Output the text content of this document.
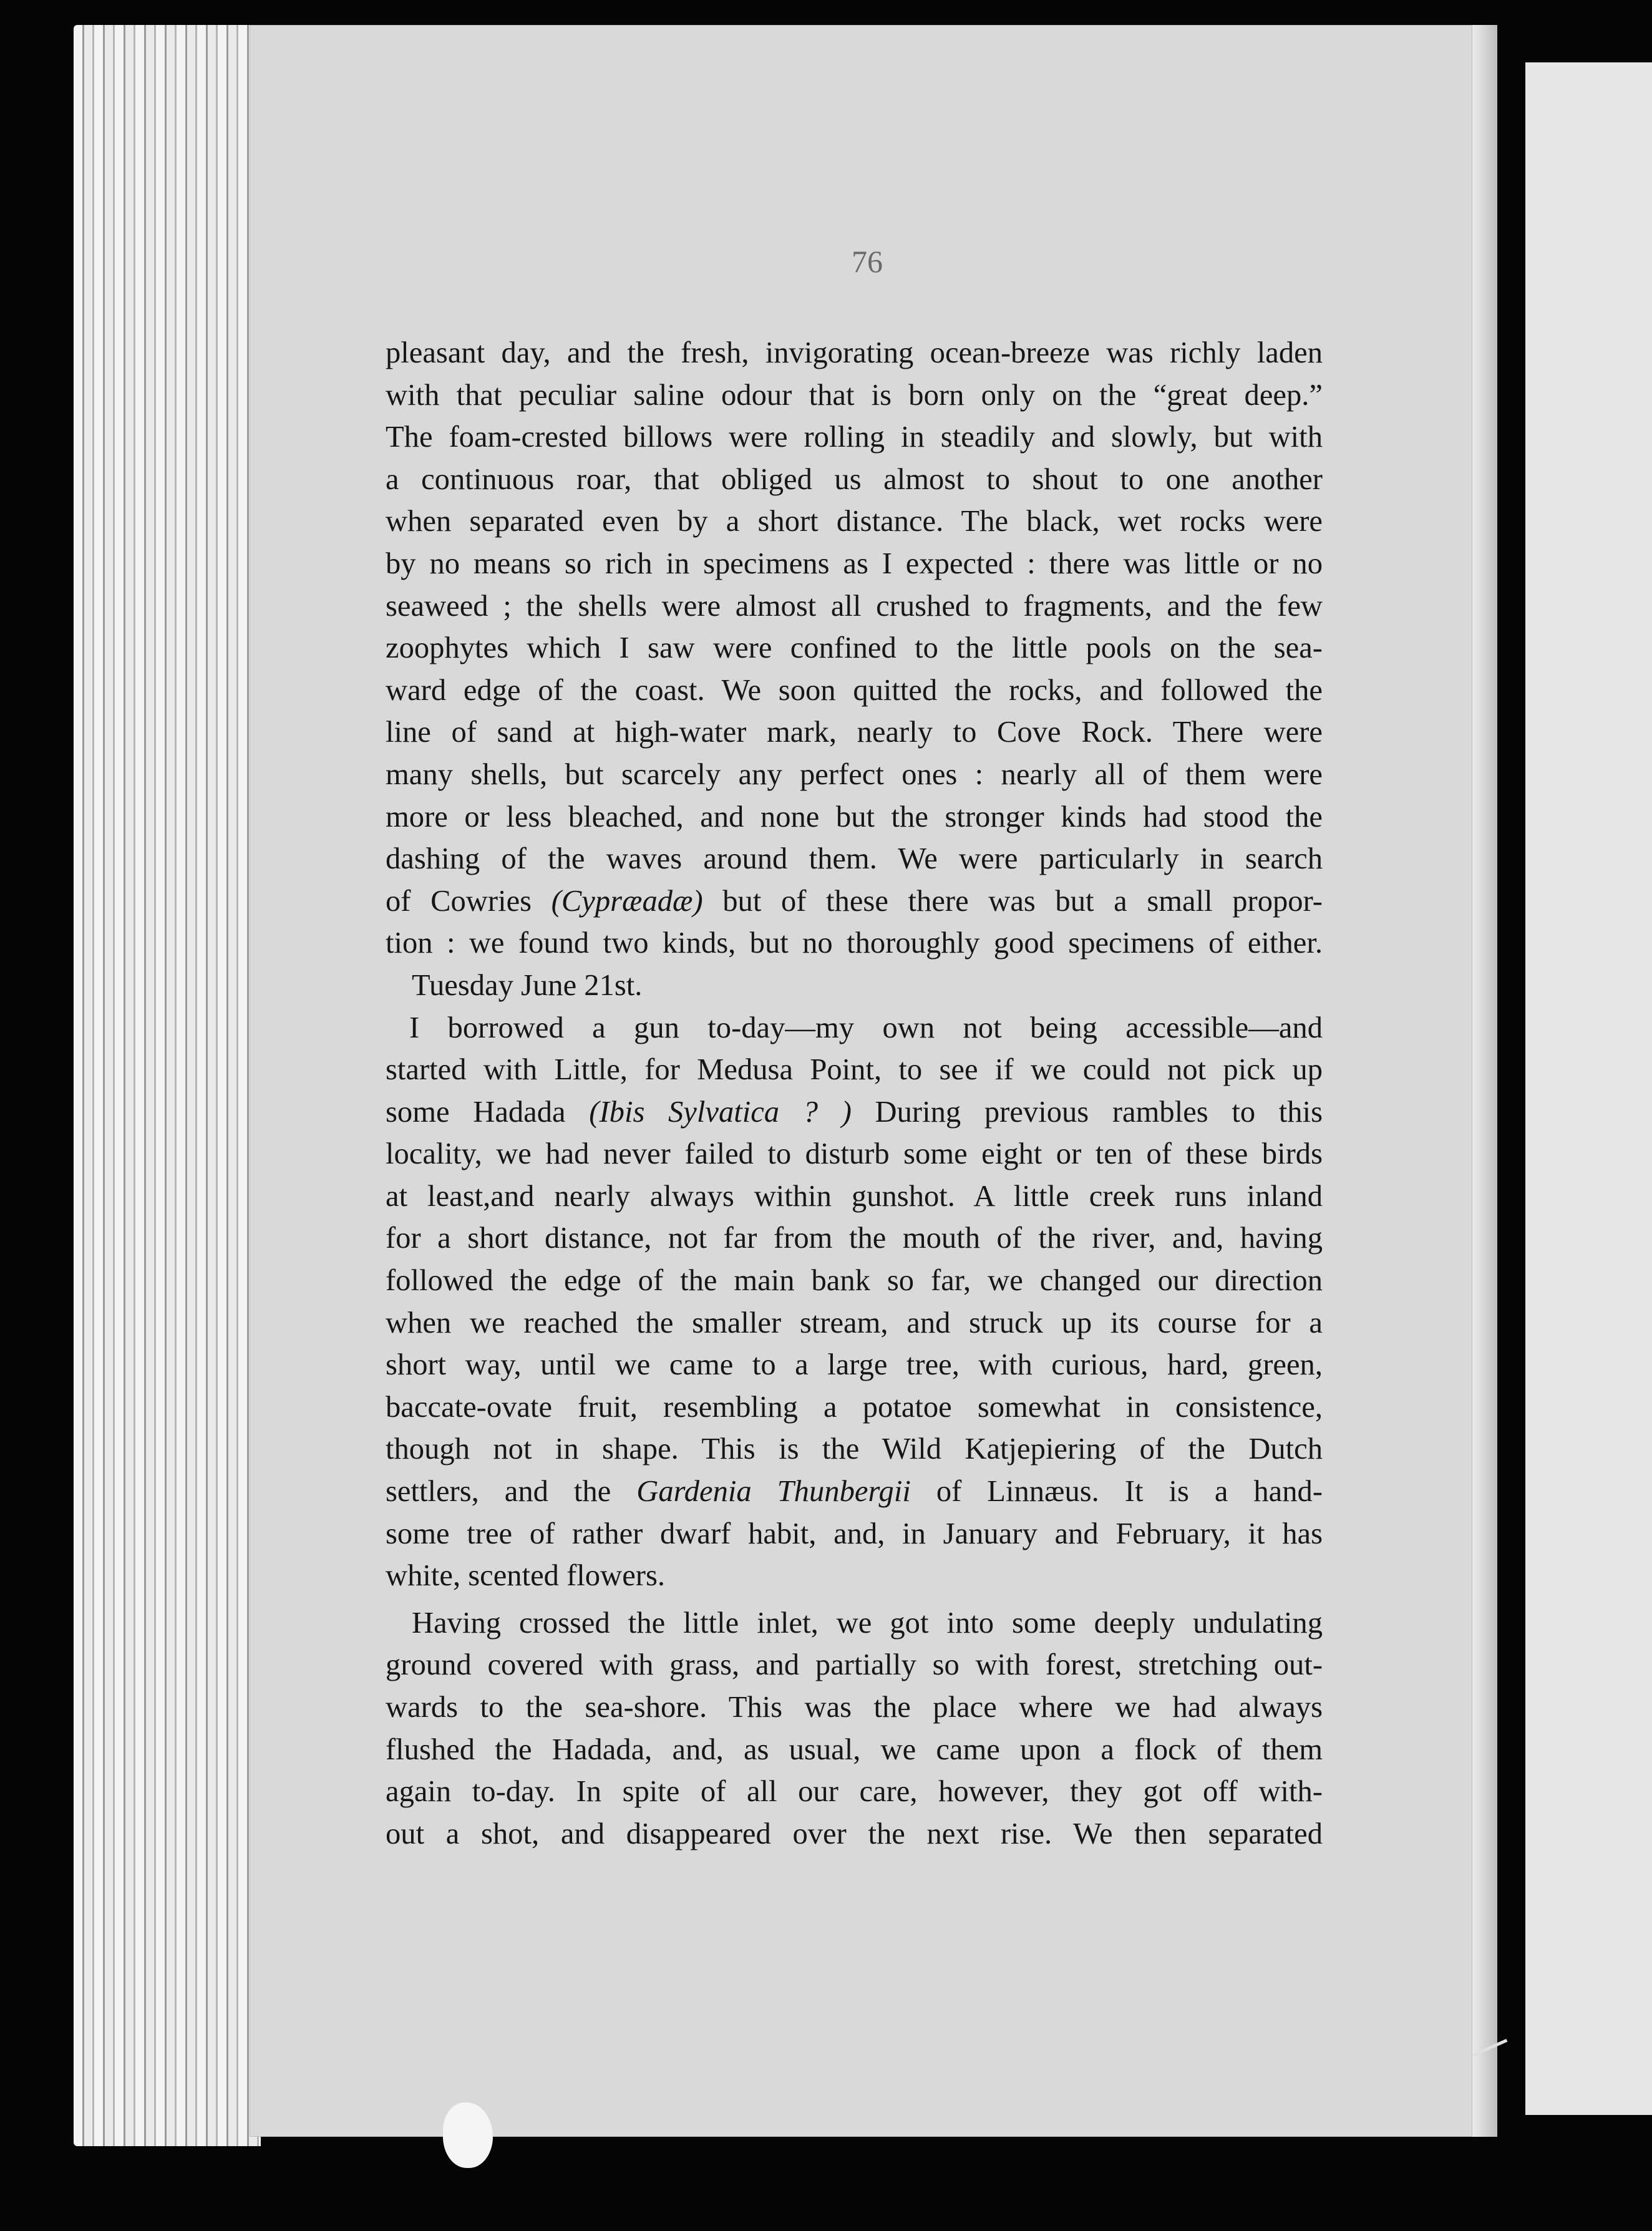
76
pleasant day, and the fresh, invigorating ocean-breeze was richly laden
with that peculiar saline odour that is born only on the “great deep.”
The foam-crested billows were rolling in steadily and slowly, but with
a continuous roar, that obliged us almost to shout to one another
when separated even by a short distance. The black, wet rocks were
by no means so rich in specimens as I expected : there was little or no
seaweed ; the shells were almost all crushed to fragments, and the few
zoophytes which I saw were confined to the little pools on the sea-
ward edge of the coast. We soon quitted the rocks, and followed the
line of sand at high-water mark, nearly to Cove Rock. There were
many shells, but scarcely any perfect ones : nearly all of them were
more or less bleached, and none but the stronger kinds had stood the
dashing of the waves around them. We were particularly in search
of Cowries (Cypræadæ) but of these there was but a small propor-
tion : we found two kinds, but no thoroughly good specimens of either.
Tuesday June 21st.
I borrowed a gun to-day—my own not being accessible—and
started with Little, for Medusa Point, to see if we could not pick up
some Hadada (Ibis Sylvatica ? ) During previous rambles to this
locality, we had never failed to disturb some eight or ten of these birds
at least,and nearly always within gunshot. A little creek runs inland
for a short distance, not far from the mouth of the river, and, having
followed the edge of the main bank so far, we changed our direction
when we reached the smaller stream, and struck up its course for a
short way, until we came to a large tree, with curious, hard, green,
baccate-ovate fruit, resembling a potatoe somewhat in consistence,
though not in shape. This is the Wild Katjepiering of the Dutch
settlers, and the Gardenia Thunbergii of Linnæus. It is a hand-
some tree of rather dwarf habit, and, in January and February, it has
white, scented flowers.
Having crossed the little inlet, we got into some deeply undulating
ground covered with grass, and partially so with forest, stretching out-
wards to the sea-shore. This was the place where we had always
flushed the Hadada, and, as usual, we came upon a flock of them
again to-day. In spite of all our care, however, they got off with-
out a shot, and disappeared over the next rise. We then separated
